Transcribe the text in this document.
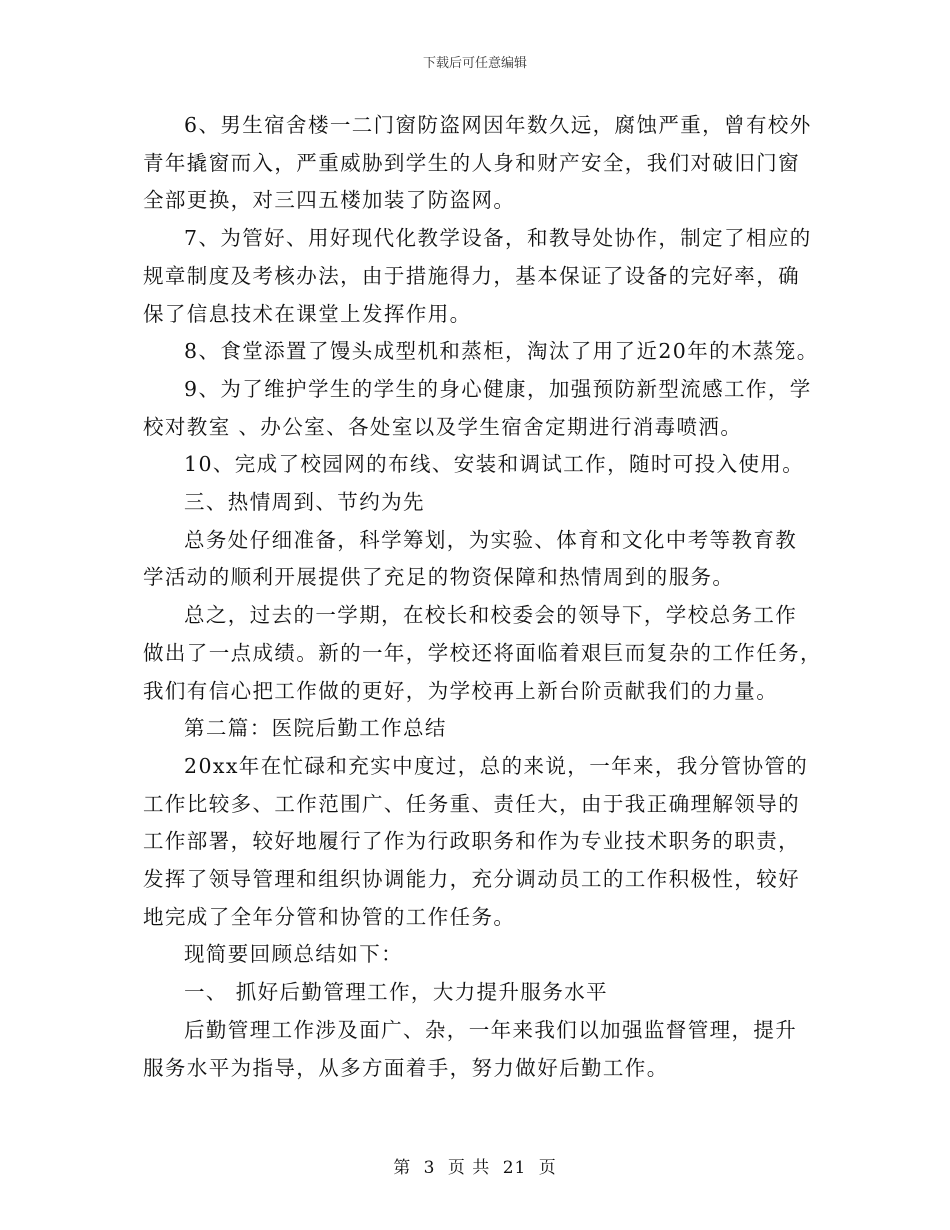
下载后可任意编辑
6、男生宿舍楼一二门窗防盗网因年数久远，腐蚀严重，曾有校外
青年撬窗而入，严重威胁到学生的人身和财产安全，我们对破旧门窗
全部更换，对三四五楼加装了防盗网。
7、为管好、用好现代化教学设备，和教导处协作，制定了相应的
规章制度及考核办法，由于措施得力，基本保证了设备的完好率，确
保了信息技术在课堂上发挥作用。
8、食堂添置了馒头成型机和蒸柜，淘汰了用了近20年的木蒸笼。
9、为了维护学生的学生的身心健康，加强预防新型流感工作，学
校对教室 、办公室、各处室以及学生宿舍定期进行消毒喷洒。
10、完成了校园网的布线、安装和调试工作，随时可投入使用。
三、热情周到、节约为先
总务处仔细准备，科学筹划，为实验、体育和文化中考等教育教
学活动的顺利开展提供了充足的物资保障和热情周到的服务。
总之，过去的一学期，在校长和校委会的领导下，学校总务工作
做出了一点成绩。新的一年，学校还将面临着艰巨而复杂的工作任务，
我们有信心把工作做的更好，为学校再上新台阶贡献我们的力量。
第二篇：医院后勤工作总结
20xx年在忙碌和充实中度过，总的来说，一年来，我分管协管的
工作比较多、工作范围广、任务重、责任大，由于我正确理解领导的
工作部署，较好地履行了作为行政职务和作为专业技术职务的职责，
发挥了领导管理和组织协调能力，充分调动员工的工作积极性，较好
地完成了全年分管和协管的工作任务。
现简要回顾总结如下：
一、 抓好后勤管理工作，大力提升服务水平
后勤管理工作涉及面广、杂，一年来我们以加强监督管理，提升
服务水平为指导，从多方面着手，努力做好后勤工作。
第 3 页 共 21 页
